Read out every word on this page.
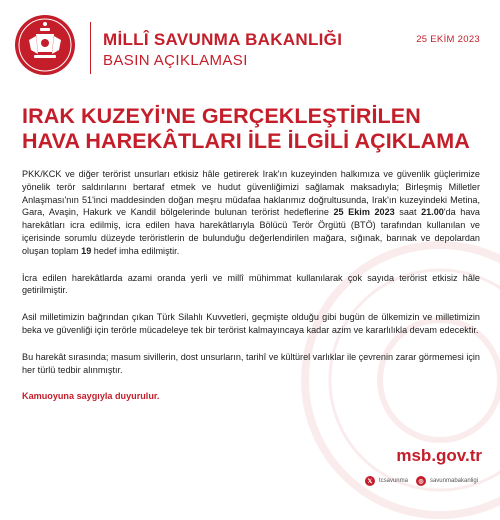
MİLLÎ SAVUNMA BAKANLIĞI
BASIN AÇIKLAMASI
25 EKİM 2023
IRAK KUZEYİ'NE GERÇEKLEŞTİRİLEN HAVA HAREKÂTLARI İLE İLGİLİ AÇIKLAMA

PKK/KCK ve diğer terörist unsurları etkisiz hâle getirerek Irak'ın kuzeyinden halkımıza ve güvenlik güçlerimize yönelik terör saldırılarını bertaraf etmek ve hudut güvenliğimizi sağlamak maksadıyla; Birleşmiş Milletler Anlaşması'nın 51'inci maddesinden doğan meşru müdafaa haklarımız doğrultusunda, Irak'ın kuzeyindeki Metina, Gara, Avaşin, Hakurk ve Kandil bölgelerinde bulunan terörist hedeflerine 25 Ekim 2023 saat 21.00'da hava harekâtları icra edilmiş, icra edilen hava harekâtlarıyla Bölücü Terör Örgütü (BTÖ) tarafından kullanılan ve içerisinde sorumlu düzeyde teröristlerin de bulunduğu değerlendirilen mağara, sığınak, barınak ve depolardan oluşan toplam 19 hedef imha edilmiştir.

İcra edilen harekâtlarda azami oranda yerli ve millî mühimmat kullanılarak çok sayıda terörist etkisiz hâle getirilmiştir.

Asil milletimizin bağrından çıkan Türk Silahlı Kuvvetleri, geçmişte olduğu gibi bugün de ülkemizin ve milletimizin beka ve güvenliği için terörle mücadeleye tek bir terörist kalmayıncaya kadar azim ve kararlılıkla devam edecektir.

Bu harekât sırasında; masum sivillerin, dost unsurların, tarihî ve kültürel varlıklar ile çevrenin zarar görmemesi için her türlü tedbir alınmıştır.

Kamuoyuna saygıyla duyurulur.

msb.gov.tr
𝕏	tcsavunma	◎	savunmabakanligi
